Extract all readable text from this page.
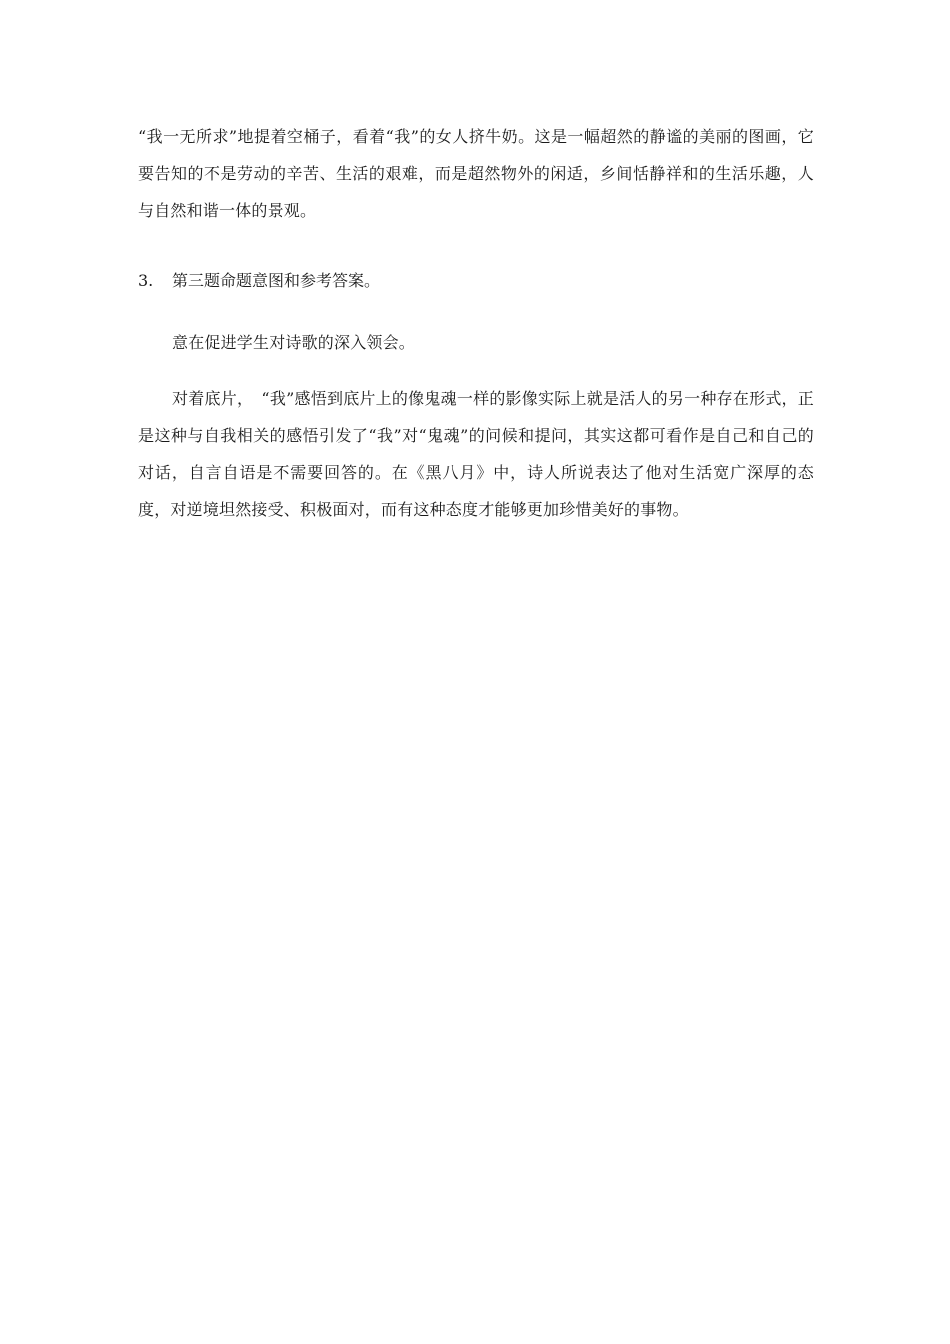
“我一无所求”地提着空桶子，看着“我”的女人挤牛奶。这是一幅超然的静谧的美丽的图画，它要告知的不是劳动的辛苦、生活的艰难，而是超然物外的闲适，乡间恬静祥和的生活乐趣，人与自然和谐一体的景观。

3. 第三题命题意图和参考答案。

意在促进学生对诗歌的深入领会。

对着底片，　“我”感悟到底片上的像鬼魂一样的影像实际上就是活人的另一种存在形式，正是这种与自我相关的感悟引发了“我”对“鬼魂”的问候和提问，其实这都可看作是自己和自己的对话，自言自语是不需要回答的。在《黑八月》中，诗人所说表达了他对生活宽广深厚的态度，对逆境坦然接受、积极面对，而有这种态度才能够更加珍惜美好的事物。
